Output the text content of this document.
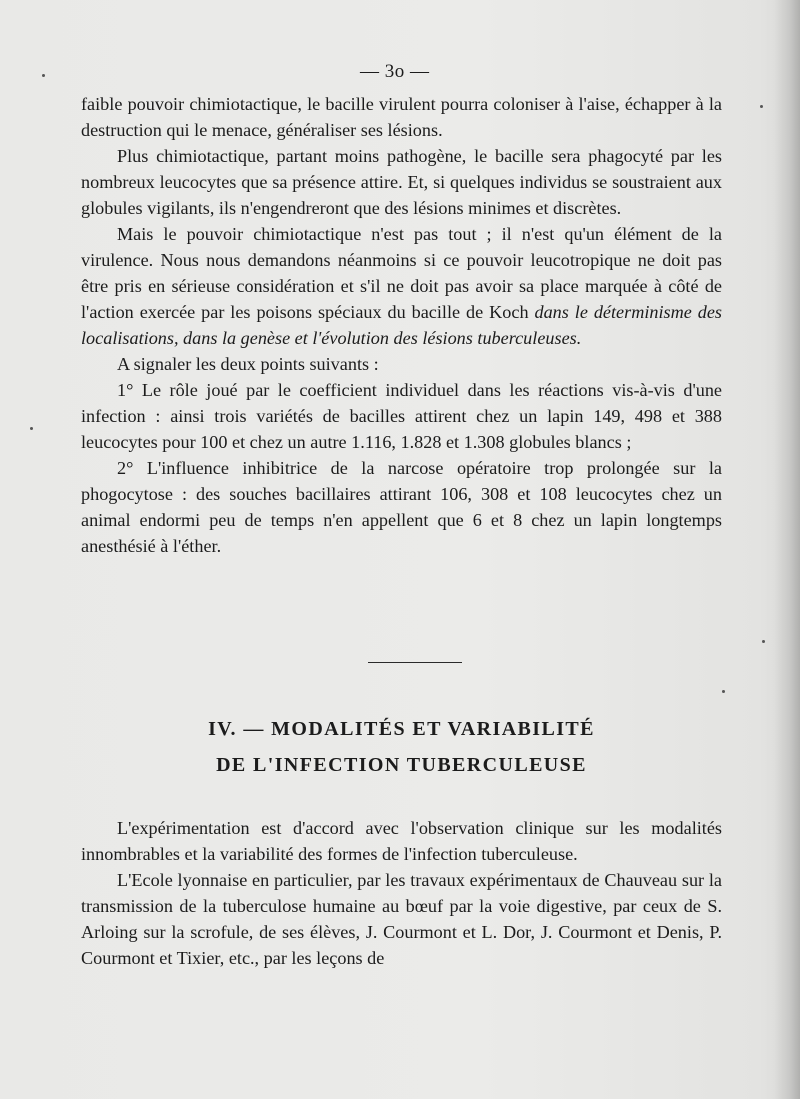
— 3o —

faible pouvoir chimiotactique, le bacille virulent pourra coloniser à l'aise, échapper à la destruction qui le menace, généraliser ses lésions.

Plus chimiotactique, partant moins pathogène, le bacille sera phagocyté par les nombreux leucocytes que sa présence attire. Et, si quelques individus se soustraient aux globules vigilants, ils n'engendreront que des lésions minimes et discrètes.

Mais le pouvoir chimiotactique n'est pas tout ; il n'est qu'un élément de la virulence. Nous nous demandons néanmoins si ce pouvoir leucotropique ne doit pas être pris en sérieuse considération et s'il ne doit pas avoir sa place marquée à côté de l'action exercée par les poisons spéciaux du bacille de Koch dans le déterminisme des localisations, dans la genèse et l'évolution des lésions tuberculeuses.

A signaler les deux points suivants :

1° Le rôle joué par le coefficient individuel dans les réactions vis-à-vis d'une infection : ainsi trois variétés de bacilles attirent chez un lapin 149, 498 et 388 leucocytes pour 100 et chez un autre 1.116, 1.828 et 1.308 globules blancs ;

2° L'influence inhibitrice de la narcose opératoire trop prolongée sur la phogocytose : des souches bacillaires attirant 106, 308 et 108 leucocytes chez un animal endormi peu de temps n'en appellent que 6 et 8 chez un lapin longtemps anesthésié à l'éther.

IV. — MODALITÉS ET VARIABILITÉ
DE L'INFECTION TUBERCULEUSE

L'expérimentation est d'accord avec l'observation clinique sur les modalités innombrables et la variabilité des formes de l'infection tuberculeuse.

L'Ecole lyonnaise en particulier, par les travaux expérimentaux de Chauveau sur la transmission de la tuberculose humaine au bœuf par la voie digestive, par ceux de S. Arloing sur la scrofule, de ses élèves, J. Courmont et L. Dor, J. Courmont et Denis, P. Courmont et Tixier, etc., par les leçons de
